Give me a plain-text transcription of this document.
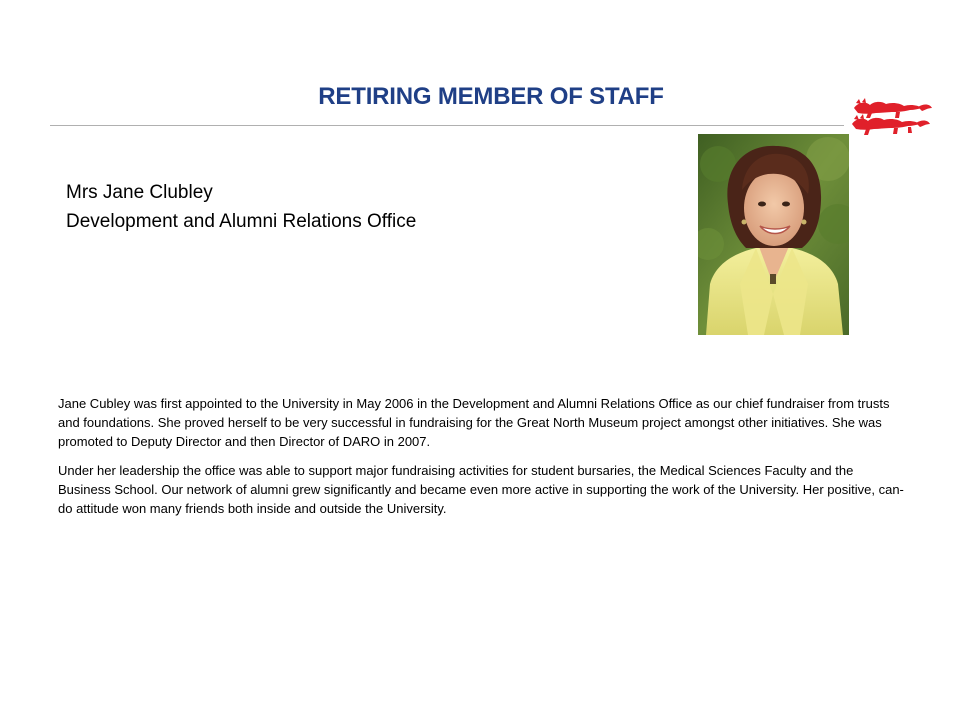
RETIRING MEMBER OF STAFF
Mrs Jane Clubley
Development and Alumni Relations Office

Jane Cubley was first appointed to the University in May 2006 in the Development and Alumni Relations Office as our chief fundraiser from trusts and foundations. She proved herself to be very successful in fundraising for the Great North Museum project amongst other initiatives. She was promoted to Deputy Director and then Director of DARO in 2007.

Under her leadership the office was able to support major fundraising activities for student bursaries, the Medical Sciences Faculty and the Business School. Our network of alumni grew significantly and became even more active in supporting the work of the University. Her positive, can-do attitude won many friends both inside and outside the University.
